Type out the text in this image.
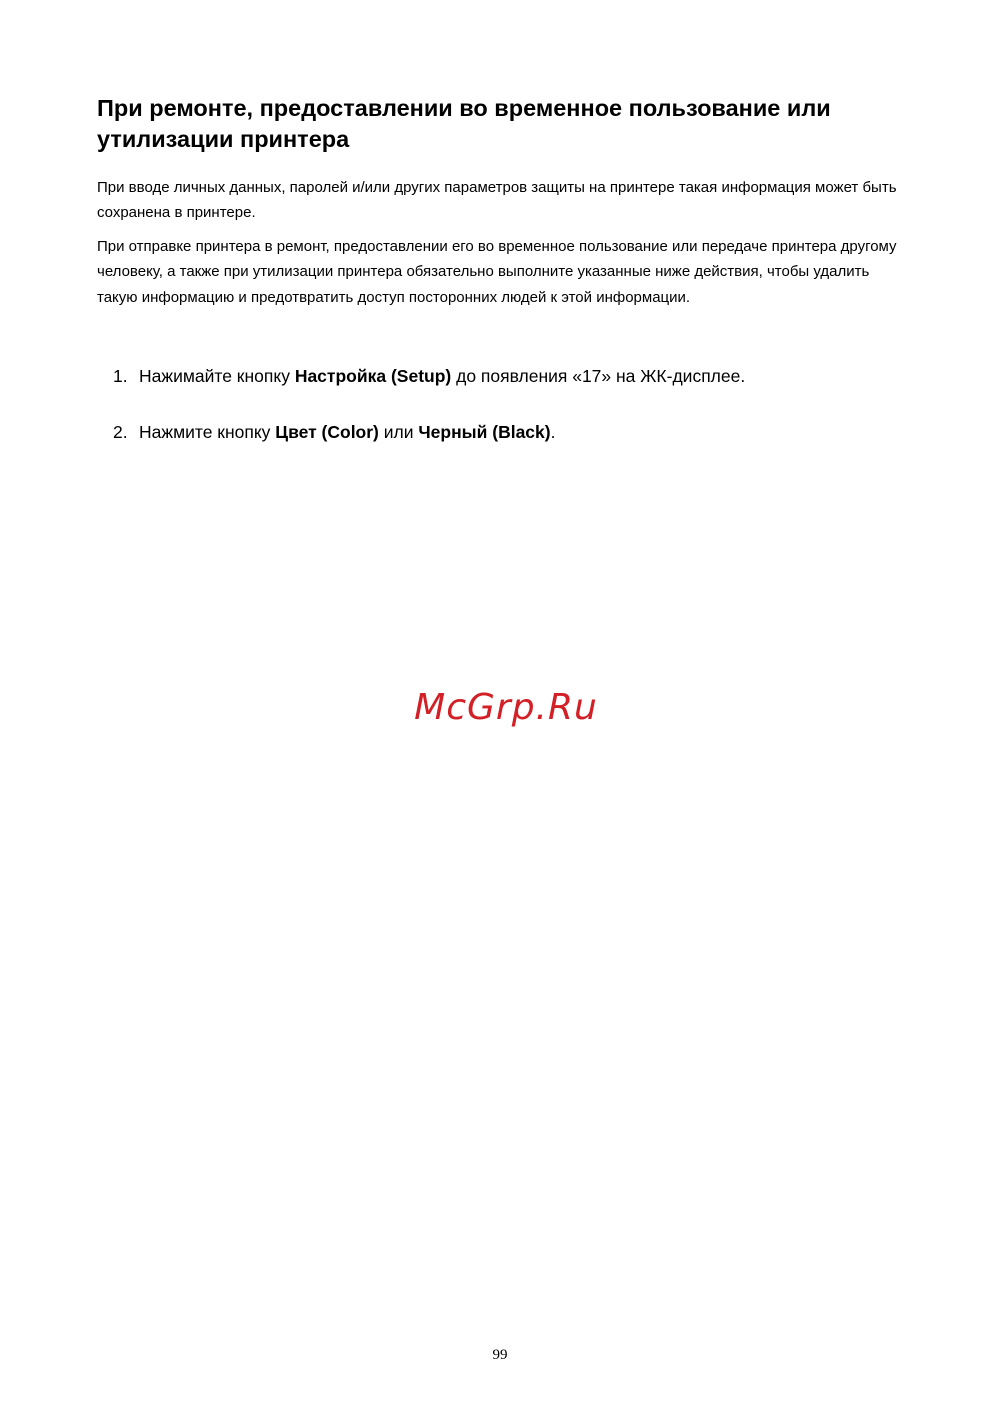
При ремонте, предоставлении во временное пользование или утилизации принтера

При вводе личных данных, паролей и/или других параметров защиты на принтере такая информация может быть сохранена в принтере.

При отправке принтера в ремонт, предоставлении его во временное пользование или передаче принтера другому человеку, а также при утилизации принтера обязательно выполните указанные ниже действия, чтобы удалить такую информацию и предотвратить доступ посторонних людей к этой информации.

1. Нажимайте кнопку Настройка (Setup) до появления «17» на ЖК-дисплее.

2. Нажмите кнопку Цвет (Color) или Черный (Black).

McGrp.Ru
99
